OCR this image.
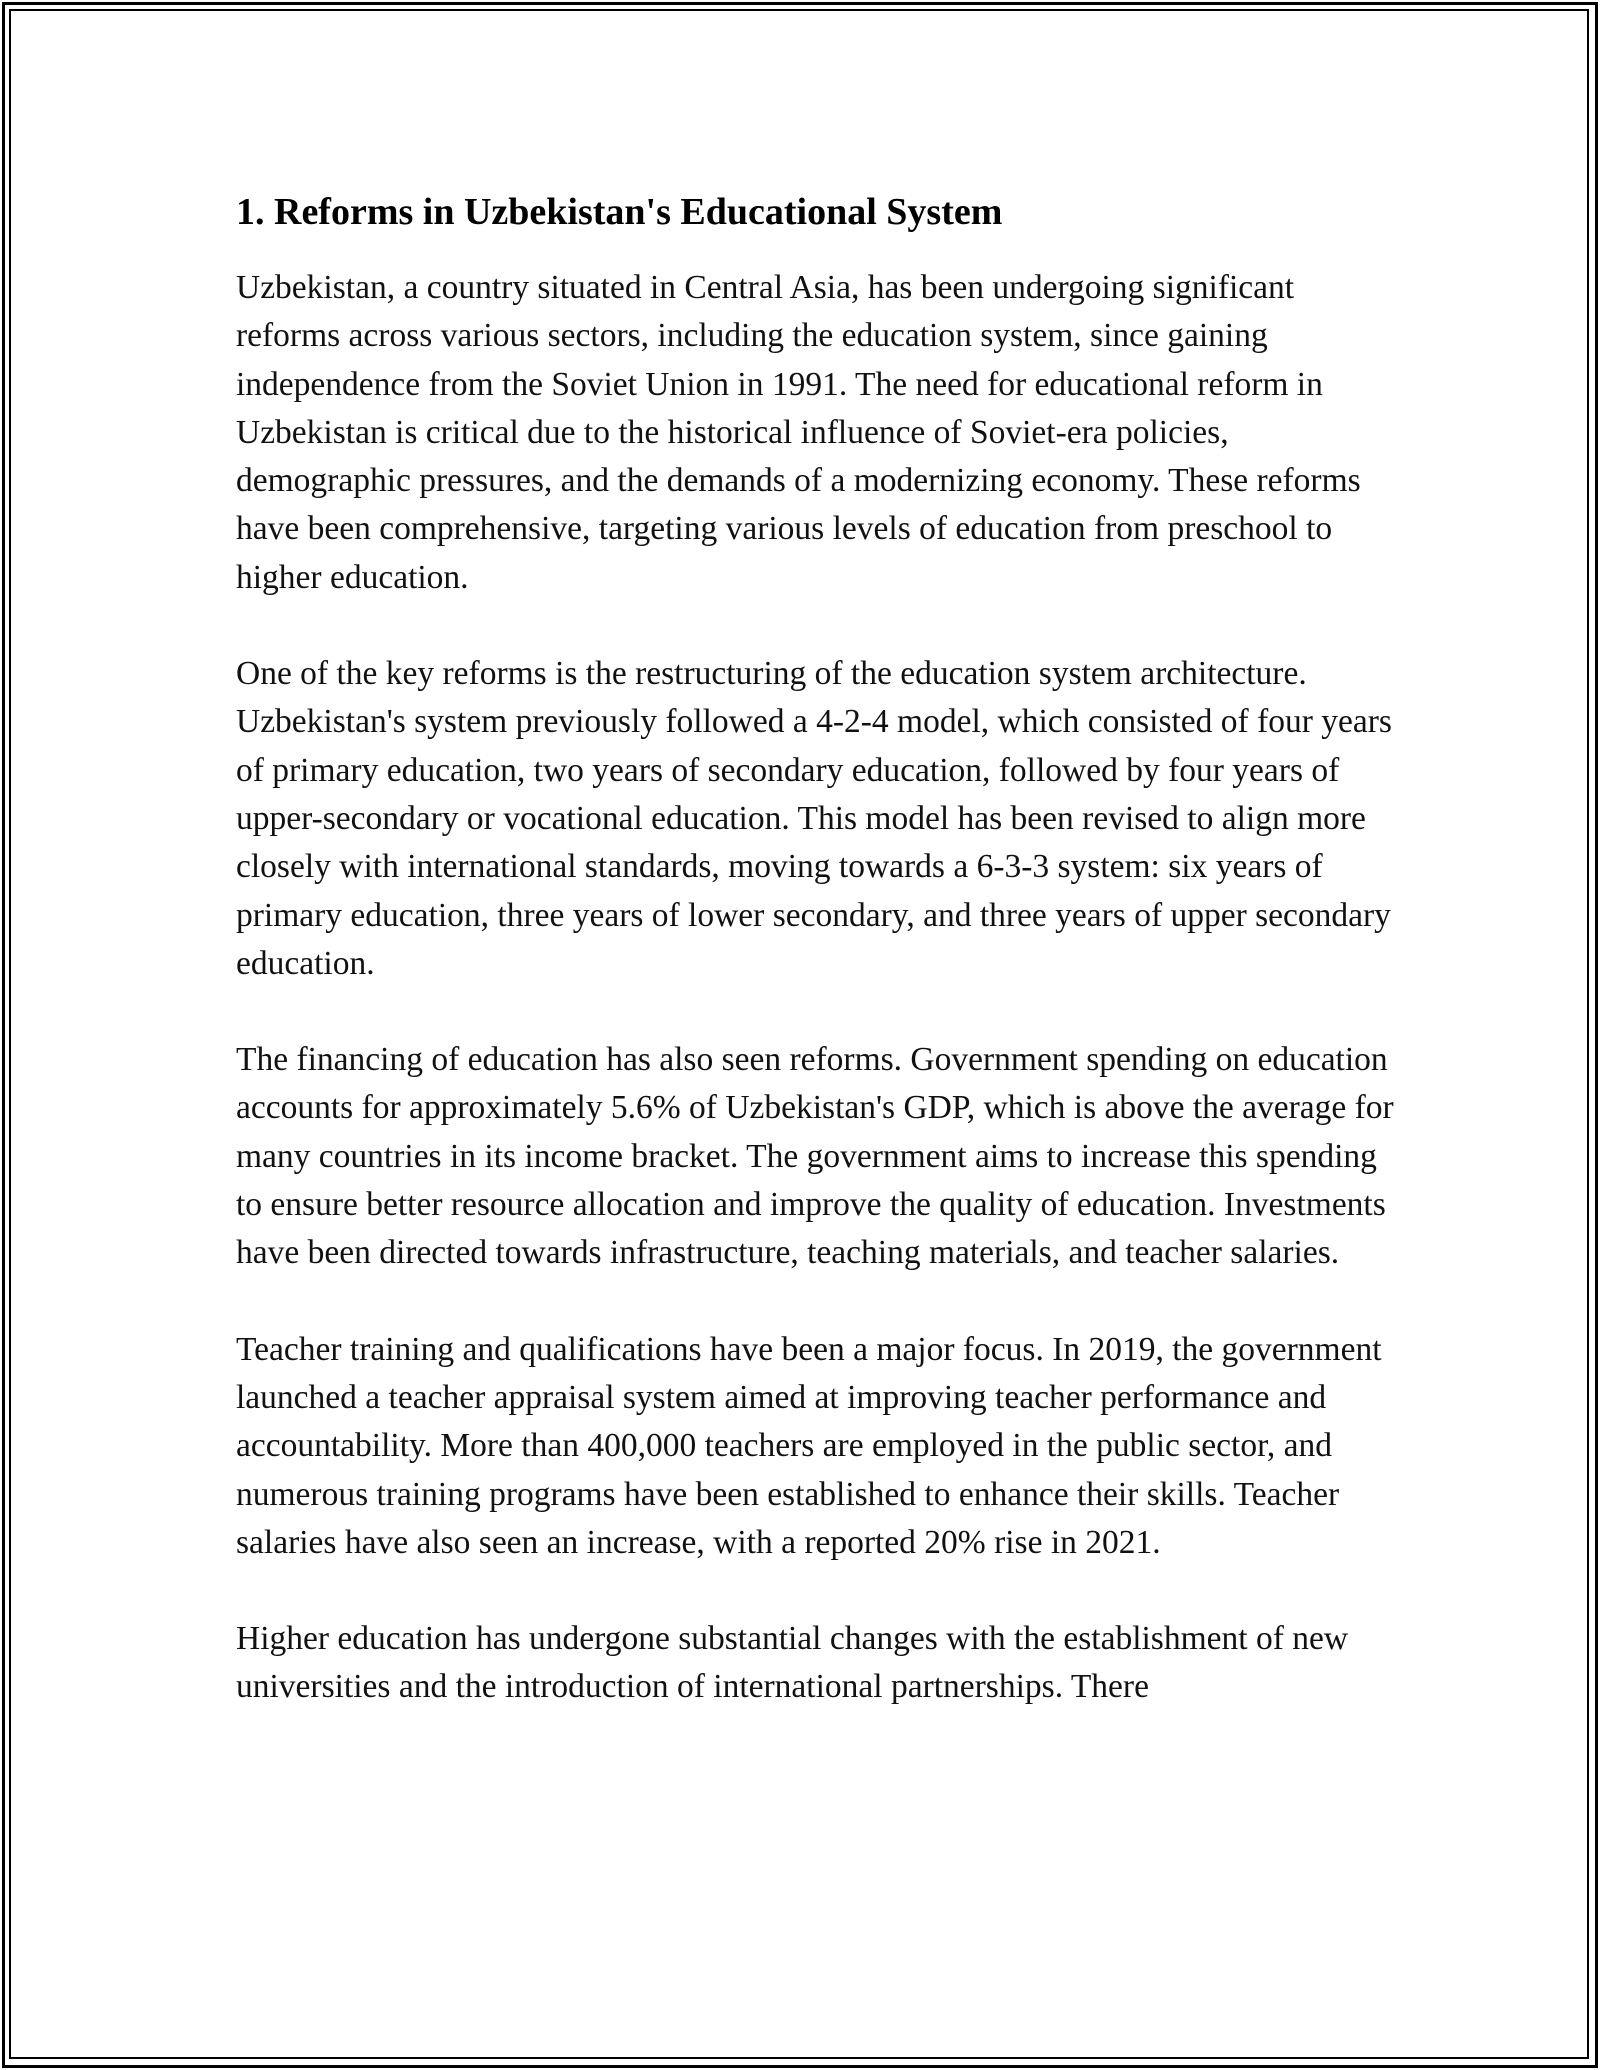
1. Reforms in Uzbekistan's Educational System

Uzbekistan, a country situated in Central Asia, has been undergoing significant reforms across various sectors, including the education system, since gaining independence from the Soviet Union in 1991. The need for educational reform in Uzbekistan is critical due to the historical influence of Soviet-era policies, demographic pressures, and the demands of a modernizing economy. These reforms have been comprehensive, targeting various levels of education from preschool to higher education.

One of the key reforms is the restructuring of the education system architecture. Uzbekistan's system previously followed a 4-2-4 model, which consisted of four years of primary education, two years of secondary education, followed by four years of upper-secondary or vocational education. This model has been revised to align more closely with international standards, moving towards a 6-3-3 system: six years of primary education, three years of lower secondary, and three years of upper secondary education.

The financing of education has also seen reforms. Government spending on education accounts for approximately 5.6% of Uzbekistan's GDP, which is above the average for many countries in its income bracket. The government aims to increase this spending to ensure better resource allocation and improve the quality of education. Investments have been directed towards infrastructure, teaching materials, and teacher salaries.

Teacher training and qualifications have been a major focus. In 2019, the government launched a teacher appraisal system aimed at improving teacher performance and accountability. More than 400,000 teachers are employed in the public sector, and numerous training programs have been established to enhance their skills. Teacher salaries have also seen an increase, with a reported 20% rise in 2021.

Higher education has undergone substantial changes with the establishment of new universities and the introduction of international partnerships. There
